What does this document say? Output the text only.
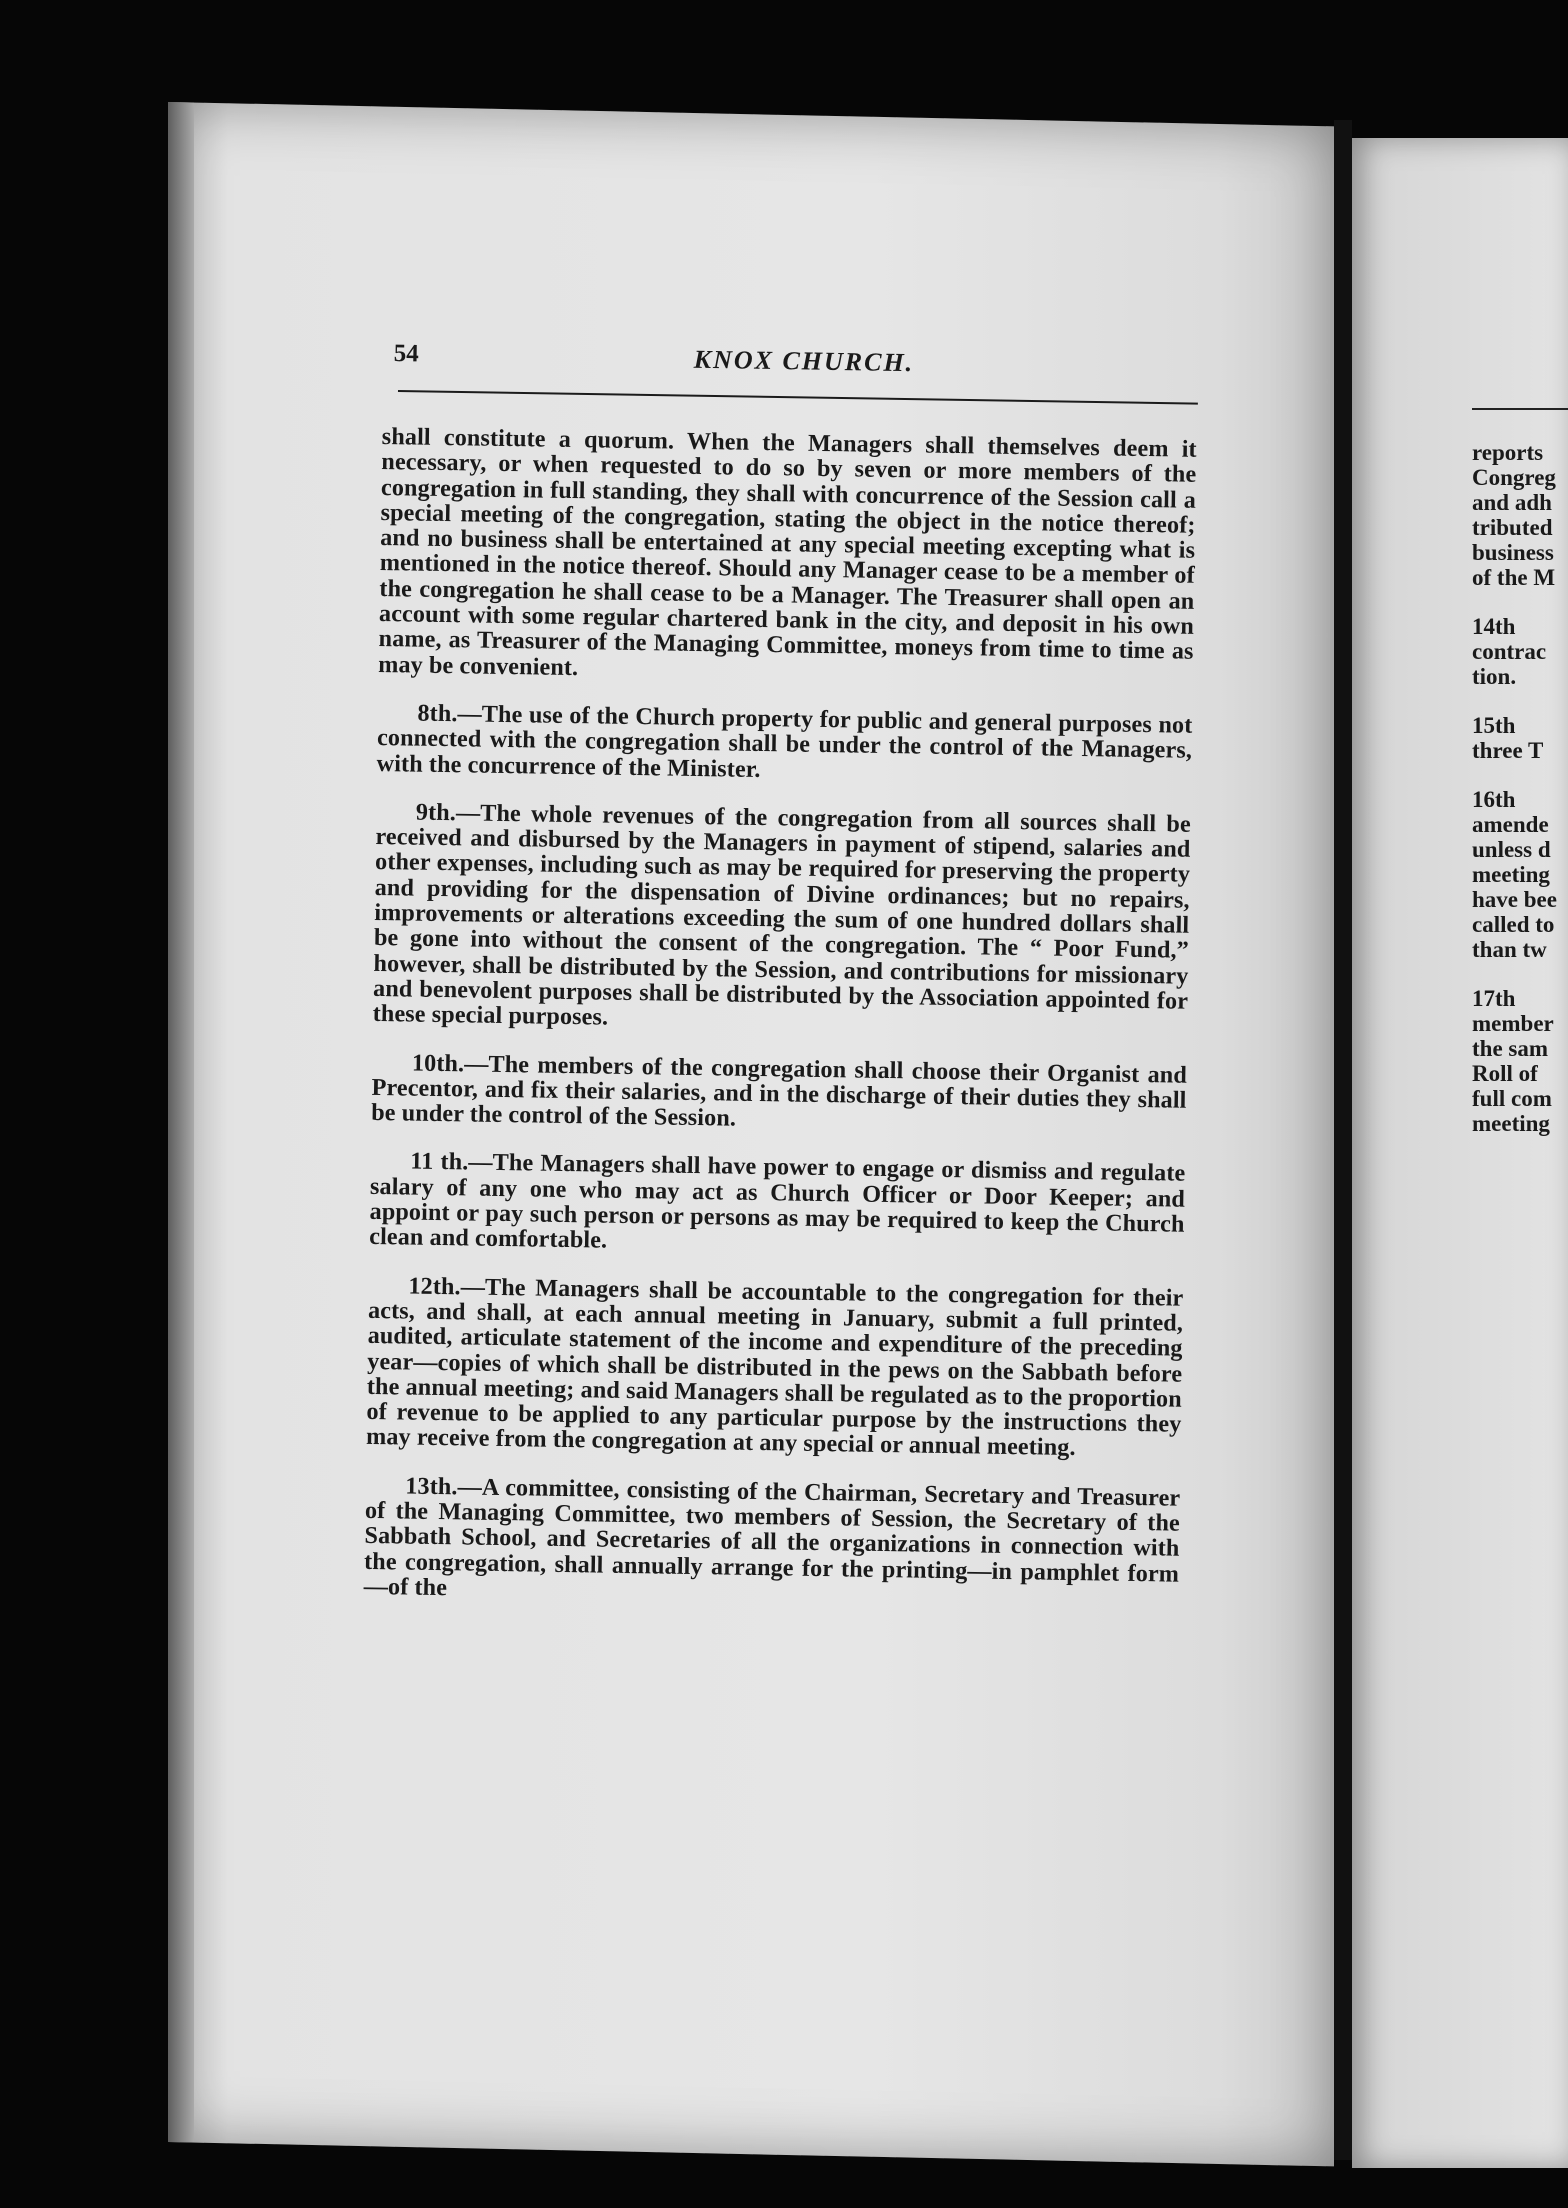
54	KNOX CHURCH.

shall constitute a quorum. When the Managers shall themselves deem it necessary, or when requested to do so by seven or more members of the congregation in full standing, they shall with concurrence of the Session call a special meeting of the congregation, stating the object in the notice thereof; and no business shall be entertained at any special meeting excepting what is mentioned in the notice thereof. Should any Manager cease to be a member of the congregation he shall cease to be a Manager. The Treasurer shall open an account with some regular chartered bank in the city, and deposit in his own name, as Treasurer of the Managing Committee, moneys from time to time as may be convenient.

8th.—The use of the Church property for public and general purposes not connected with the congregation shall be under the control of the Managers, with the concurrence of the Minister.

9th.—The whole revenues of the congregation from all sources shall be received and disbursed by the Managers in payment of stipend, salaries and other expenses, including such as may be required for preserving the property and providing for the dispensation of Divine ordinances; but no repairs, improvements or alterations exceeding the sum of one hundred dollars shall be gone into without the consent of the congregation. The “ Poor Fund,” however, shall be distributed by the Session, and contributions for missionary and benevolent purposes shall be distributed by the Association appointed for these special purposes.

10th.—The members of the congregation shall choose their Organist and Precentor, and fix their salaries, and in the discharge of their duties they shall be under the control of the Session.

11 th.—The Managers shall have power to engage or dismiss and regulate salary of any one who may act as Church Officer or Door Keeper; and appoint or pay such person or persons as may be required to keep the Church clean and comfortable.

12th.—The Managers shall be accountable to the congregation for their acts, and shall, at each annual meeting in January, submit a full printed, audited, articulate statement of the income and expenditure of the preceding year—copies of which shall be distributed in the pews on the Sabbath before the annual meeting; and said Managers shall be regulated as to the proportion of revenue to be applied to any particular purpose by the instructions they may receive from the congregation at any special or annual meeting.

13th.—A committee, consisting of the Chairman, Secretary and Treasurer of the Managing Committee, two members of Session, the Secretary of the Sabbath School, and Secretaries of all the organizations in connection with the congregation, shall annually arrange for the printing—in pamphlet form—of the

reports
Congreg
and adh
tributed
business
of the M
14th
contrac
tion.
15th
three T
16th
amende
unless d
meeting
have bee
called to
than tw
17th
member
the sam
Roll of
full com
meeting
